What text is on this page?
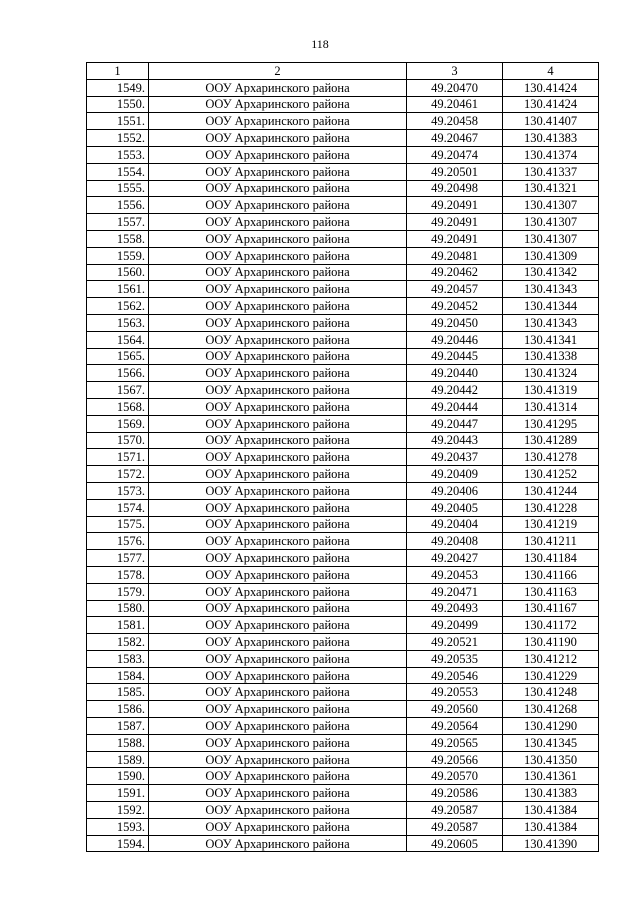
118
1	2	3	4
1549.	ООУ Архаринского района	49.20470	130.41424
1550.	ООУ Архаринского района	49.20461	130.41424
1551.	ООУ Архаринского района	49.20458	130.41407
1552.	ООУ Архаринского района	49.20467	130.41383
1553.	ООУ Архаринского района	49.20474	130.41374
1554.	ООУ Архаринского района	49.20501	130.41337
1555.	ООУ Архаринского района	49.20498	130.41321
1556.	ООУ Архаринского района	49.20491	130.41307
1557.	ООУ Архаринского района	49.20491	130.41307
1558.	ООУ Архаринского района	49.20491	130.41307
1559.	ООУ Архаринского района	49.20481	130.41309
1560.	ООУ Архаринского района	49.20462	130.41342
1561.	ООУ Архаринского района	49.20457	130.41343
1562.	ООУ Архаринского района	49.20452	130.41344
1563.	ООУ Архаринского района	49.20450	130.41343
1564.	ООУ Архаринского района	49.20446	130.41341
1565.	ООУ Архаринского района	49.20445	130.41338
1566.	ООУ Архаринского района	49.20440	130.41324
1567.	ООУ Архаринского района	49.20442	130.41319
1568.	ООУ Архаринского района	49.20444	130.41314
1569.	ООУ Архаринского района	49.20447	130.41295
1570.	ООУ Архаринского района	49.20443	130.41289
1571.	ООУ Архаринского района	49.20437	130.41278
1572.	ООУ Архаринского района	49.20409	130.41252
1573.	ООУ Архаринского района	49.20406	130.41244
1574.	ООУ Архаринского района	49.20405	130.41228
1575.	ООУ Архаринского района	49.20404	130.41219
1576.	ООУ Архаринского района	49.20408	130.41211
1577.	ООУ Архаринского района	49.20427	130.41184
1578.	ООУ Архаринского района	49.20453	130.41166
1579.	ООУ Архаринского района	49.20471	130.41163
1580.	ООУ Архаринского района	49.20493	130.41167
1581.	ООУ Архаринского района	49.20499	130.41172
1582.	ООУ Архаринского района	49.20521	130.41190
1583.	ООУ Архаринского района	49.20535	130.41212
1584.	ООУ Архаринского района	49.20546	130.41229
1585.	ООУ Архаринского района	49.20553	130.41248
1586.	ООУ Архаринского района	49.20560	130.41268
1587.	ООУ Архаринского района	49.20564	130.41290
1588.	ООУ Архаринского района	49.20565	130.41345
1589.	ООУ Архаринского района	49.20566	130.41350
1590.	ООУ Архаринского района	49.20570	130.41361
1591.	ООУ Архаринского района	49.20586	130.41383
1592.	ООУ Архаринского района	49.20587	130.41384
1593.	ООУ Архаринского района	49.20587	130.41384
1594.	ООУ Архаринского района	49.20605	130.41390
